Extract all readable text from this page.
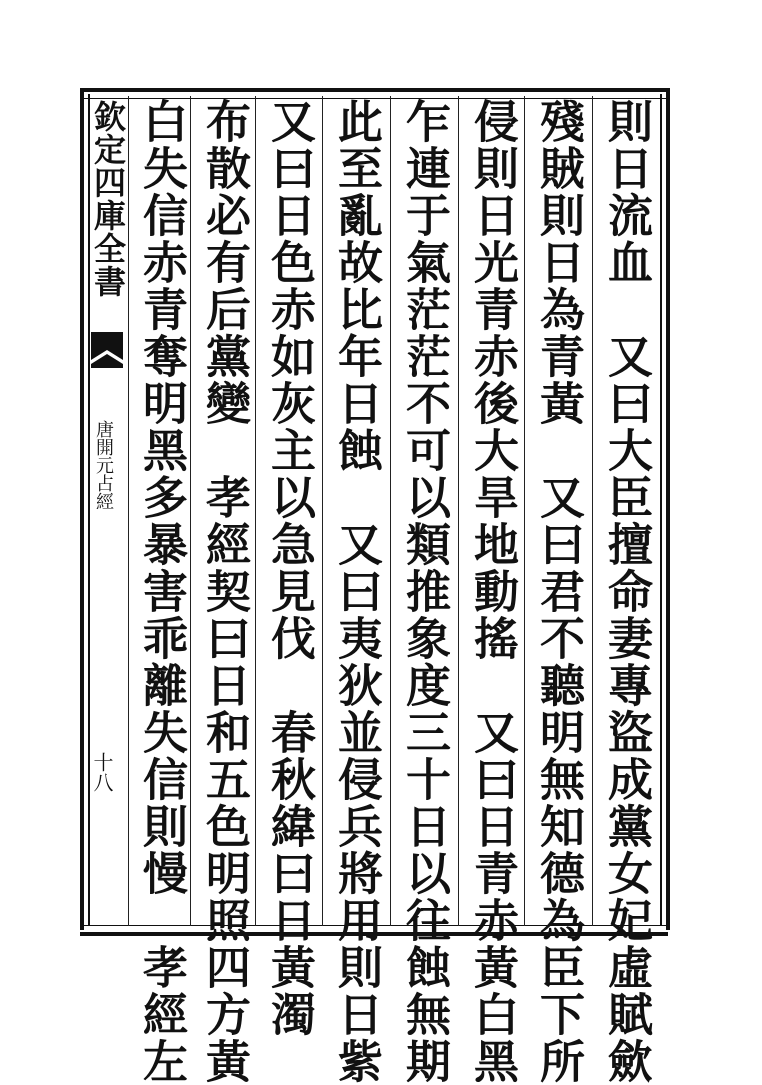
欽定四庫全書
唐開元占經
十八	則日流血　又曰大臣擅命妻專盜成黨女妃虛賦歛
殘賊則日為青黃　又曰君不聽明無知德為臣下所
侵則日光青赤後大旱地動搖　又曰日青赤黃白黑
乍連于氣茫茫不可以類推象度三十日以往蝕無期
此至亂故比年日蝕　又曰夷狄並侵兵將用則日紫
又曰日色赤如灰主以急見伐　春秋緯曰日黃濁
布散必有后黨變　孝經契曰日和五色明照四方黃
白失信赤青奪明黑多暴害乖離失信則慢　孝經左
